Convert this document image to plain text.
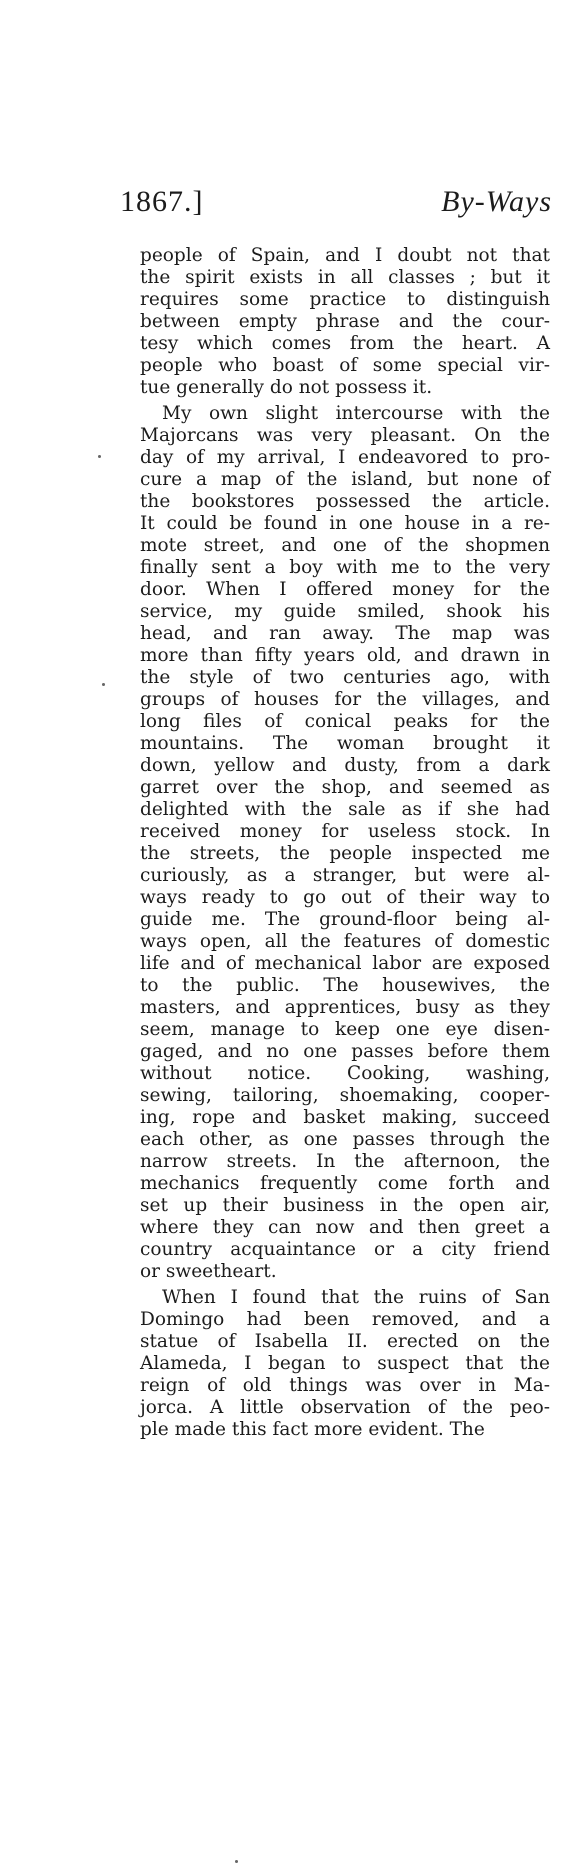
1867.]	By-Ways
people of Spain, and I doubt not that
the spirit exists in all classes ; but it
requires some practice to distinguish
between empty phrase and the cour-
tesy which comes from the heart. A
people who boast of some special vir-
tue generally do not possess it.
My own slight intercourse with the
Majorcans was very pleasant. On the
day of my arrival, I endeavored to pro-
cure a map of the island, but none of
the bookstores possessed the article.
It could be found in one house in a re-
mote street, and one of the shopmen
finally sent a boy with me to the very
door. When I offered money for the
service, my guide smiled, shook his
head, and ran away. The map was
more than fifty years old, and drawn in
the style of two centuries ago, with
groups of houses for the villages, and
long files of conical peaks for the
mountains. The woman brought it
down, yellow and dusty, from a dark
garret over the shop, and seemed as
delighted with the sale as if she had
received money for useless stock. In
the streets, the people inspected me
curiously, as a stranger, but were al-
ways ready to go out of their way to
guide me. The ground-floor being al-
ways open, all the features of domestic
life and of mechanical labor are exposed
to the public. The housewives, the
masters, and apprentices, busy as they
seem, manage to keep one eye disen-
gaged, and no one passes before them
without notice. Cooking, washing,
sewing, tailoring, shoemaking, cooper-
ing, rope and basket making, succeed
each other, as one passes through the
narrow streets. In the afternoon, the
mechanics frequently come forth and
set up their business in the open air,
where they can now and then greet a
country acquaintance or a city friend
or sweetheart.
When I found that the ruins of San
Domingo had been removed, and a
statue of Isabella II. erected on the
Alameda, I began to suspect that the
reign of old things was over in Ma-
jorca. A little observation of the peo-
ple made this fact more evident. The
